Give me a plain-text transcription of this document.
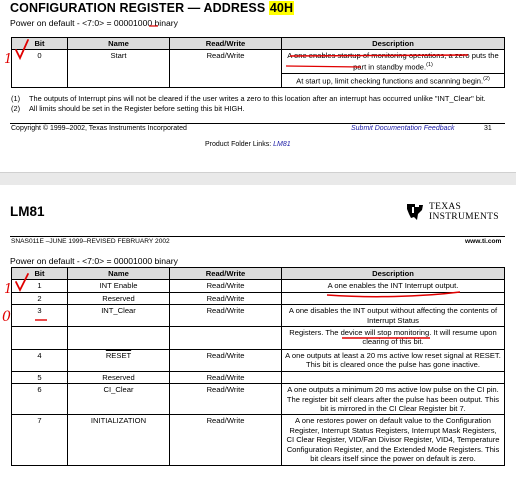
CONFIGURATION REGISTER — ADDRESS 40H
Power on default - <7:0> = 00001000 binary
Bit	Name	Read/Write	Description
0	Start	Read/Write	A one enables startup of monitoring operations, a zero puts the part in standby mode.$^{(1)}$
			At start up, limit checking functions and scanning begin.$^{(2)}$
(1)	The outputs of Interrupt pins will not be cleared if the user writes a zero to this location after an interrupt has occurred unlike "INT_Clear" bit.
(2)	All limits should be set in the Register before setting this bit HIGH.
Copyright © 1999–2002, Texas Instruments Incorporated	Submit Documentation Feedback	31
Product Folder Links: LM81
LM81	TEXAS
INSTRUMENTS
SNAS011E –JUNE 1999–REVISED FEBRUARY 2002	www.ti.com
Power on default - <7:0> = 00001000 binary
Bit	Name	Read/Write	Description
1	INT Enable	Read/Write	A one enables the INT Interrupt output.
2	Reserved	Read/Write	
3	INT_Clear	Read/Write	A one disables the INT output without affecting the contents of Interrupt Status
			Registers. The device will stop monitoring. It will resume upon clearing of this bit.
4	RESET	Read/Write	A one outputs at least a 20 ms active low reset signal at RESET. This bit is cleared once the pulse has gone inactive.
5	Reserved	Read/Write	
6	CI_Clear	Read/Write	A one outputs a minimum 20 ms active low pulse on the CI pin. The register bit self clears after the pulse has been output. This bit is mirrored in the CI Clear Register bit 7.
7	INITIALIZATION	Read/Write	A one restores power on default value to the Configuration Register, Interrupt Status Registers, Interrupt Mask Registers, CI Clear Register, VID/Fan Divisor Register, VID4, Temperature Configuration Register, and the Extended Mode Registers. This bit clears itself since the power on default is zero.
1
1
0
